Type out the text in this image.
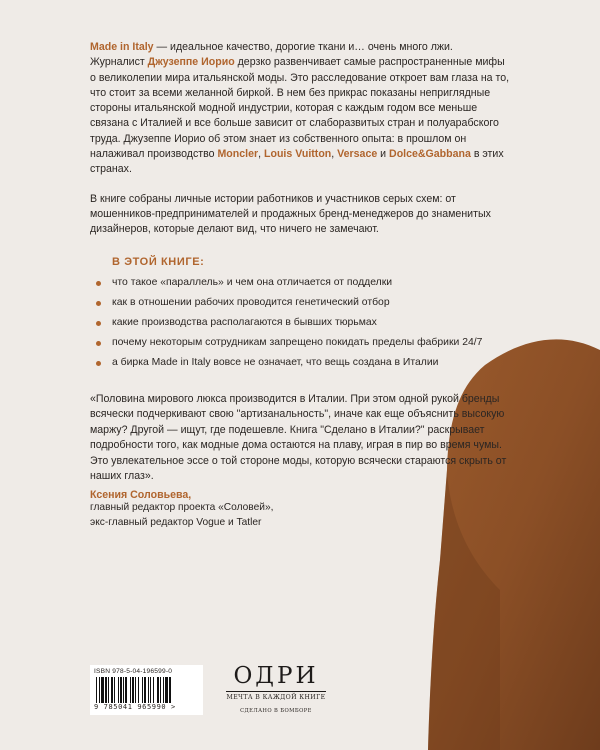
Made in Italy — идеальное качество, дорогие ткани и… очень много лжи. Журналист Джузеппе Иорио дерзко развенчивает самые распространенные мифы о великолепии мира итальянской моды. Это расследование откроет вам глаза на то, что стоит за всеми желанной биркой. В нем без прикрас показаны неприглядные стороны итальянской модной индустрии, которая с каждым годом все меньше связана с Италией и все больше зависит от слаборазвитых стран и полуарабского труда. Джузеппе Иорио об этом знает из собственного опыта: в прошлом он налаживал производство Moncler, Louis Vuitton, Versace и Dolce&Gabbana в этих странах.

В книге собраны личные истории работников и участников серых схем: от мошенников-предпринимателей и продажных бренд-менеджеров до знаменитых дизайнеров, которые делают вид, что ничего не замечают.

В ЭТОЙ КНИГЕ:
что такое «параллель» и чем она отличается от подделки
как в отношении рабочих проводится генетический отбор
какие производства располагаются в бывших тюрьмах
почему некоторым сотрудникам запрещено покидать пределы фабрики 24/7
а бирка Made in Italy вовсе не означает, что вещь создана в Италии

«Половина мирового люкса производится в Италии. При этом одной рукой бренды всячески подчеркивают свою "артизанальность", иначе как еще объяснить высокую маржу? Другой — ищут, где подешевле. Книга "Сделано в Италии?" раскрывает подробности того, как модные дома остаются на плаву, играя в пир во время чумы. Это увлекательное эссе о той стороне моды, которую всячески стараются скрыть от наших глаз».

Ксения Соловьева,
главный редактор проекта «Соловей»,
экс-главный редактор Vogue и Tatler
ISBN 978-5-04-196599-0
9 785041 965990 >
ОДРИ
МЕЧТА В КАЖДОЙ КНИГЕ
СДЕЛАНО В БОМБОРЕ
